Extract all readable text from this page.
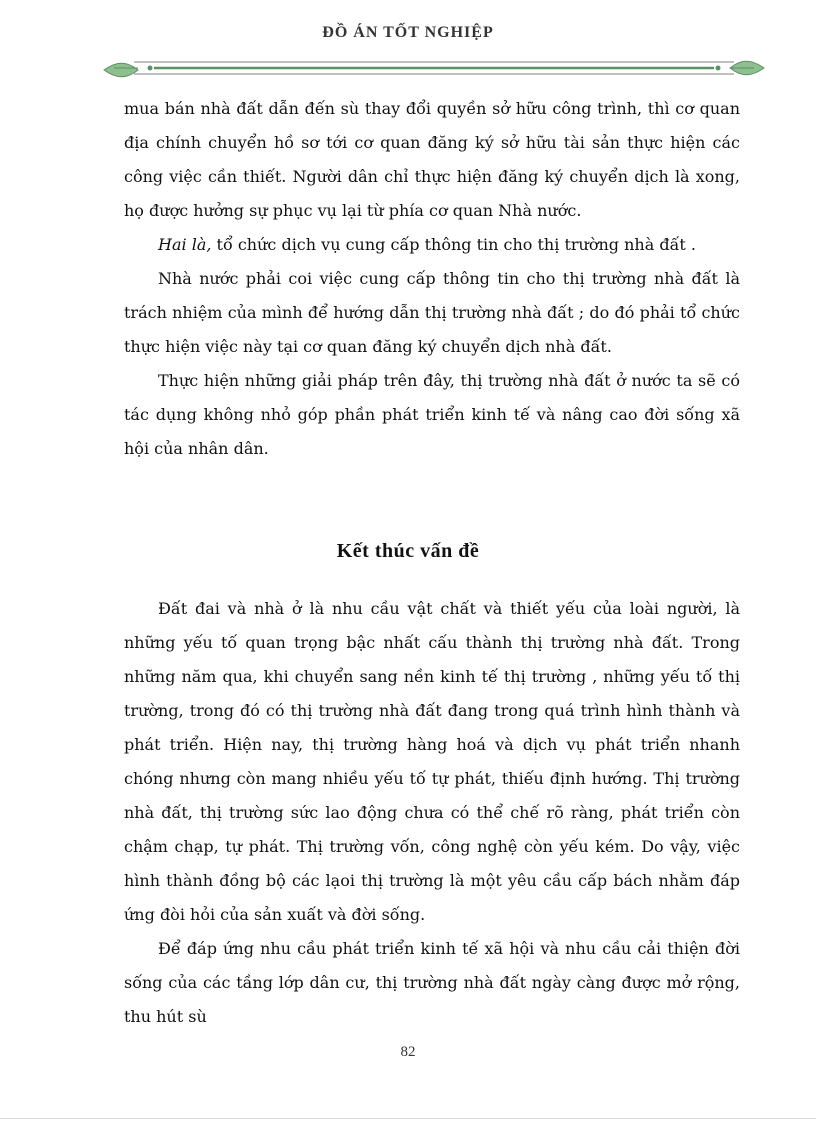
ĐỒ ÁN TỐT NGHIỆP

mua bán nhà đất dẫn đến sù thay đổi quyền sở hữu công trình, thì cơ quan địa chính chuyển hồ sơ tới cơ quan đăng ký sở hữu tài sản thực hiện các công việc cần thiết. Người dân chỉ thực hiện đăng ký chuyển dịch là xong, họ được hưởng sự phục vụ lại từ phía cơ quan Nhà nước.

Hai là, tổ chức dịch vụ cung cấp thông tin cho thị trường nhà đất .

Nhà nước phải coi việc cung cấp thông tin cho thị trường nhà đất là trách nhiệm của mình để hướng dẫn thị trường nhà đất ; do đó phải tổ chức thực hiện việc này tại cơ quan đăng ký chuyển dịch nhà đất.

Thực hiện những giải pháp trên đây, thị trường nhà đất ở nước ta sẽ có tác dụng không nhỏ góp phần phát triển kinh tế và nâng cao đời sống xã hội của nhân dân.

Kết thúc vấn đề

Đất đai và nhà ở là nhu cầu vật chất và thiết yếu của loài người, là những yếu tố quan trọng bậc nhất cấu thành thị trường nhà đất. Trong những năm qua, khi chuyển sang nền kinh tế thị trường , những yếu tố thị trường, trong đó có thị trường nhà đất đang trong quá trình hình thành và phát triển. Hiện nay, thị trường hàng hoá và dịch vụ phát triển nhanh chóng nhưng còn mang nhiều yếu tố tự phát, thiếu định hướng. Thị trường nhà đất, thị trường sức lao động chưa có thể chế rõ ràng, phát triển còn chậm chạp, tự phát. Thị trường vốn, công nghệ còn yếu kém. Do vậy, việc hình thành đồng bộ các lạoi thị trường là một yêu cầu cấp bách nhằm đáp ứng đòi hỏi của sản xuất và đời sống.

Để đáp ứng nhu cầu phát triển kinh tế xã hội và nhu cầu cải thiện đời sống của các tầng lớp dân cư, thị trường nhà đất ngày càng được mở rộng, thu hút sù

82
